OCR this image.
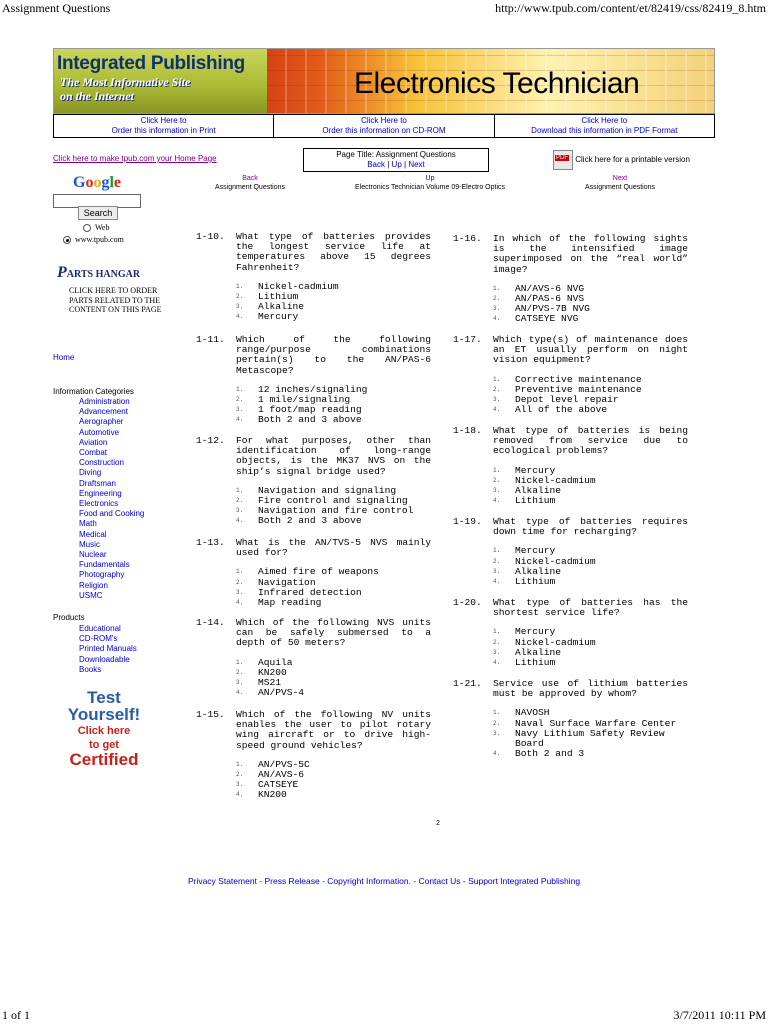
Assignment Questions	http://www.tpub.com/content/et/82419/css/82419_8.htm
Integrated Publishing
The Most Informative Site
on the Internet	Electronics Technician
Click Here to
Order this information in Print
Click Here to
Order this information on CD-ROM
Click Here to
Download this information in PDF Format
Click here to make tpub.com your Home Page	Page Title: Assignment Questions
Back | Up | Next
PDF Click here for a printable version
Back
Assignment Questions
Up
Electronics Technician Volume 09-Electro Optics
Next
Assignment Questions
Google
Search
Web
www.tpub.com
PARTS HANGAR
CLICK HERE TO ORDER PARTS RELATED TO THE CONTENT ON THIS PAGE
Home
Information Categories
Administration
Advancement
Aerographer
Automotive
Aviation
Combat
Construction
Diving
Draftsman
Engineering
Electronics
Food and Cooking
Math
Medical
Music
Nuclear
Fundamentals
Photography
Religion
USMC
Products
Educational
CD-ROM's
Printed Manuals
Downloadable
Books
Test
Yourself!
Click here
to get
Certified
1-10. What type of batteries provides the longest service life at temperatures above 15 degrees Fahrenheit?
1. Nickel-cadmium
2. Lithium
3. Alkaline
4. Mercury
1-11. Which of the following range/purpose combinations pertain(s) to the AN/PAS-6 Metascope?
1. 12 inches/signaling
2. 1 mile/signaling
3. 1 foot/map reading
4. Both 2 and 3 above
1-12. For what purposes, other than identification of long-range objects, is the MK37 NVS on the ship’s signal bridge used?
1. Navigation and signaling
2. Fire control and signaling
3. Navigation and fire control
4. Both 2 and 3 above
1-13. What is the AN/TVS-5 NVS mainly used for?
1. Aimed fire of weapons
2. Navigation
3. Infrared detection
4. Map reading
1-14. Which of the following NVS units can be safely submersed to a depth of 50 meters?
1. Aquila
2. KN200
3. MS21
4. AN/PVS-4
1-15. Which of the following NV units enables the user to pilot rotary wing aircraft or to drive high-speed ground vehicles?
1. AN/PVS-5C
2. AN/AVS-6
3. CATSEYE
4. KN200
1-16. In which of the following sights is the intensified image superimposed on the “real world” image?
1. AN/AVS-6 NVG
2. AN/PAS-6 NVS
3. AN/PVS-7B NVG
4. CATSEYE NVG
1-17. Which type(s) of maintenance does an ET usually perform on night vision equipment?
1. Corrective maintenance
2. Preventive maintenance
3. Depot level repair
4. All of the above
1-18. What type of batteries is being removed from service due to ecological problems?
1. Mercury
2. Nickel-cadmium
3. Alkaline
4. Lithium
1-19. What type of batteries requires down time for recharging?
1. Mercury
2. Nickel-cadmium
3. Alkaline
4. Lithium
1-20. What type of batteries has the shortest service life?
1. Mercury
2. Nickel-cadmium
3. Alkaline
4. Lithium
1-21. Service use of lithium batteries must be approved by whom?
1. NAVOSH
2. Naval Surface Warfare Center
3. Navy Lithium Safety Review Board
4. Both 2 and 3
2
Privacy Statement - Press Release - Copyright Information. - Contact Us - Support Integrated Publishing
1 of 1	3/7/2011 10:11 PM
